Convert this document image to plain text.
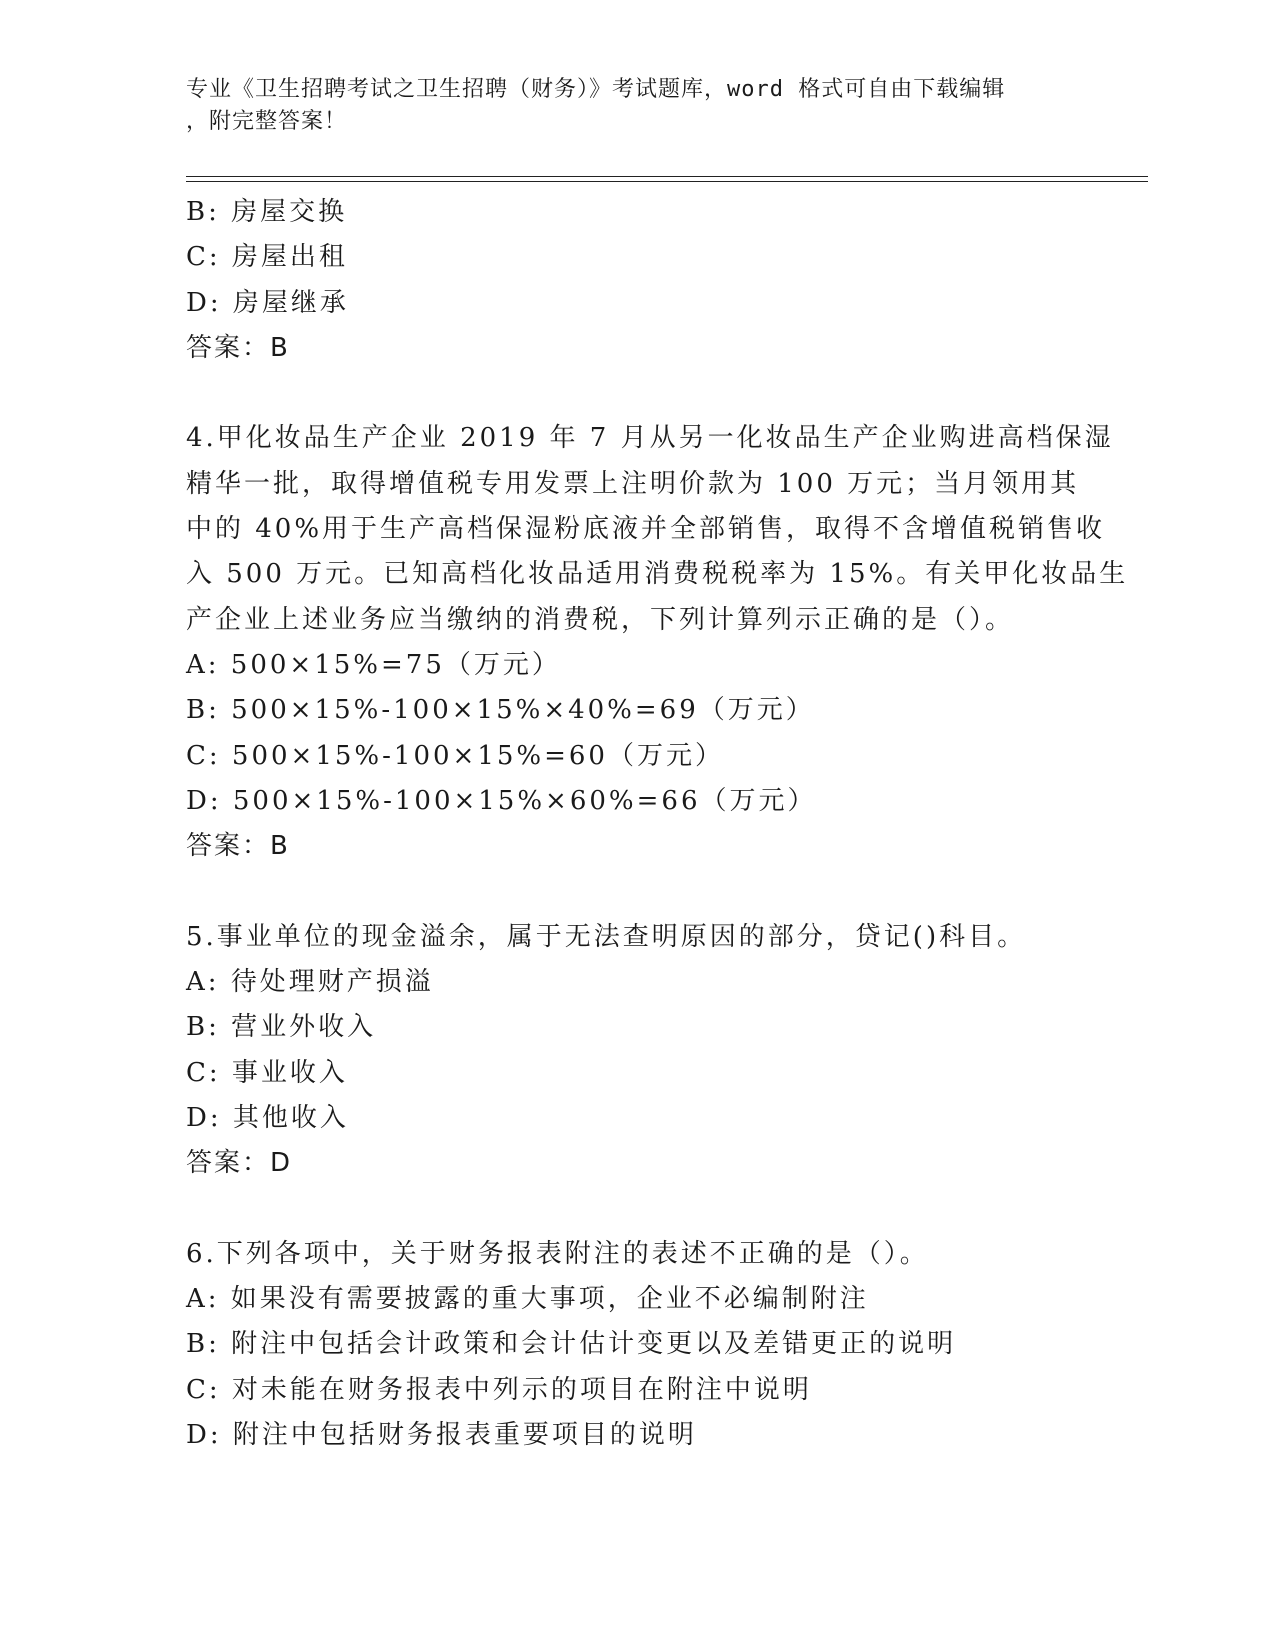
专业《卫生招聘考试之卫生招聘（财务）》考试题库，word 格式可自由下载编辑
，附完整答案！
B: 房屋交换
C: 房屋出租
D: 房屋继承
答案：B
4.甲化妆品生产企业 2019 年 7 月从另一化妆品生产企业购进高档保湿
精华一批，取得增值税专用发票上注明价款为 100 万元；当月领用其
中的 40%用于生产高档保湿粉底液并全部销售，取得不含增值税销售收
入 500 万元。已知高档化妆品适用消费税税率为 15%。有关甲化妆品生
产企业上述业务应当缴纳的消费税，下列计算列示正确的是（）。
A: 500×15%=75（万元）
B: 500×15%-100×15%×40%=69（万元）
C: 500×15%-100×15%=60（万元）
D: 500×15%-100×15%×60%=66（万元）
答案：B
5.事业单位的现金溢余，属于无法查明原因的部分，贷记()科目。
A: 待处理财产损溢
B: 营业外收入
C: 事业收入
D: 其他收入
答案：D
6.下列各项中，关于财务报表附注的表述不正确的是（）。
A: 如果没有需要披露的重大事项，企业不必编制附注
B: 附注中包括会计政策和会计估计变更以及差错更正的说明
C: 对未能在财务报表中列示的项目在附注中说明
D: 附注中包括财务报表重要项目的说明
